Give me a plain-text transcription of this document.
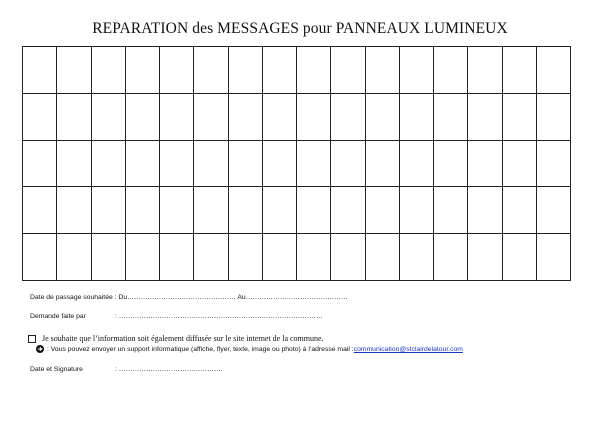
REPARATION des MESSAGES pour PANNEAUX LUMINEUX

Date de passage souhaitée : Du………………………………………… Au………………………………………
Demande faite par	: ………………………………………………………………………………
Je souhaite que l’information soit également diffusée sur le site internet de la commune.
: Vous pouvez envoyer un support informatique (affiche, flyer, texte, image ou photo) à l’adresse mail : communication@stclairdelatour.com
Date et Signature	: ……………………………………….
